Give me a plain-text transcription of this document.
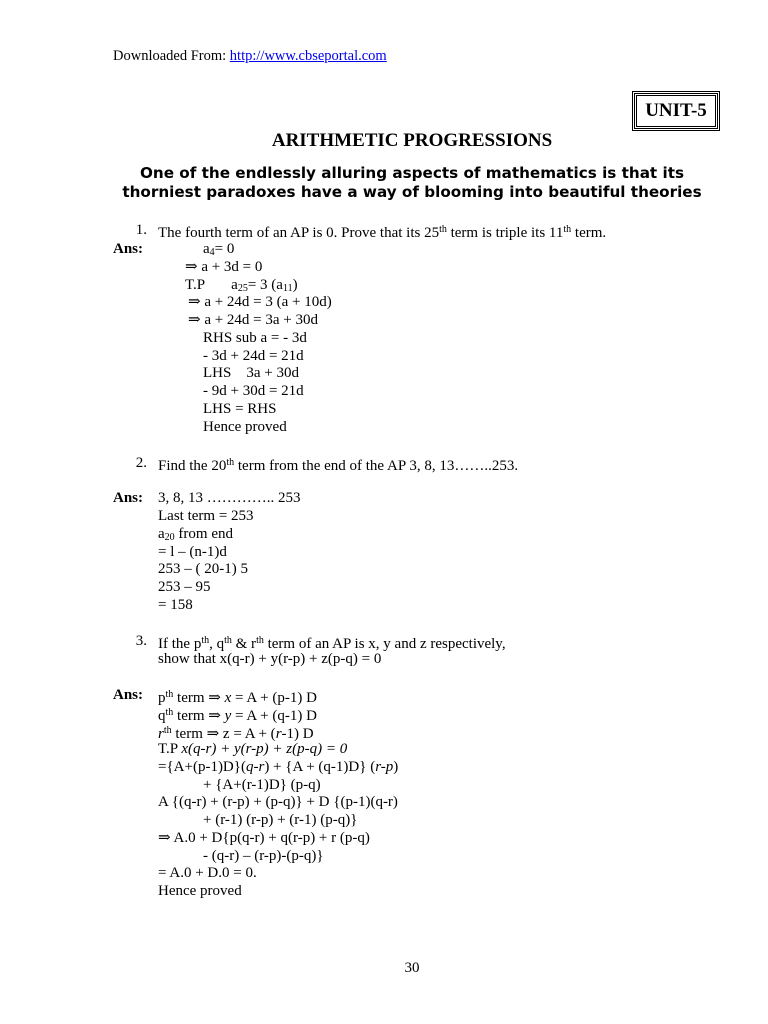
Downloaded From: http://www.cbseportal.com
UNIT-5
ARITHMETIC PROGRESSIONS
One of the endlessly alluring aspects of mathematics is that its
thorniest paradoxes have a way of blooming into beautiful theories
1. The fourth term of an AP is 0. Prove that its 25th term is triple its 11th term.
Ans:	$a_4= 0$
⇒ a + 3d = 0
T.P $a_{25}= 3$ $(a_{11})$
⇒ a + 24d = 3 (a + 10d)
⇒ a + 24d = 3a + 30d
RHS sub a = - 3d
- 3d + 24d = 21d
LHS    3a + 30d
- 9d + 30d = 21d
LHS = RHS
Hence proved
2. Find the 20th term from the end of the AP 3, 8, 13……..253.
Ans: 3, 8, 13 ………….. 253
Last term = 253
$a_{20}$ from end
= l – (n-1)d
253 – ( 20-1) 5
253 – 95
= 158
3. If the $p^{th}$, $q^{th}$ & $r^{th}$ term of an AP is x, y and z respectively,
show that x(q-r) + y(r-p) + z(p-q) = 0
Ans: $p^{th}$ term ⇒ x = A + (p-1) D
$q^{th}$ term ⇒ y = A + (q-1) D
$r^{th}$ term ⇒ z = A + (r-1) D
T.P x(q-r) + y(r-p) + z(p-q) = 0
={A+(p-1)D}(q-r) + {A + (q-1)D} (r-p)
+ {A+(r-1)D} (p-q)
A {(q-r) + (r-p) + (p-q)} + D {(p-1)(q-r)
+ (r-1) (r-p) + (r-1) (p-q)}
⇒ A.0 + D{p(q-r) + q(r-p) + r (p-q)
- (q-r) – (r-p)-(p-q)}
= A.0 + D.0 = 0.
Hence proved
30
